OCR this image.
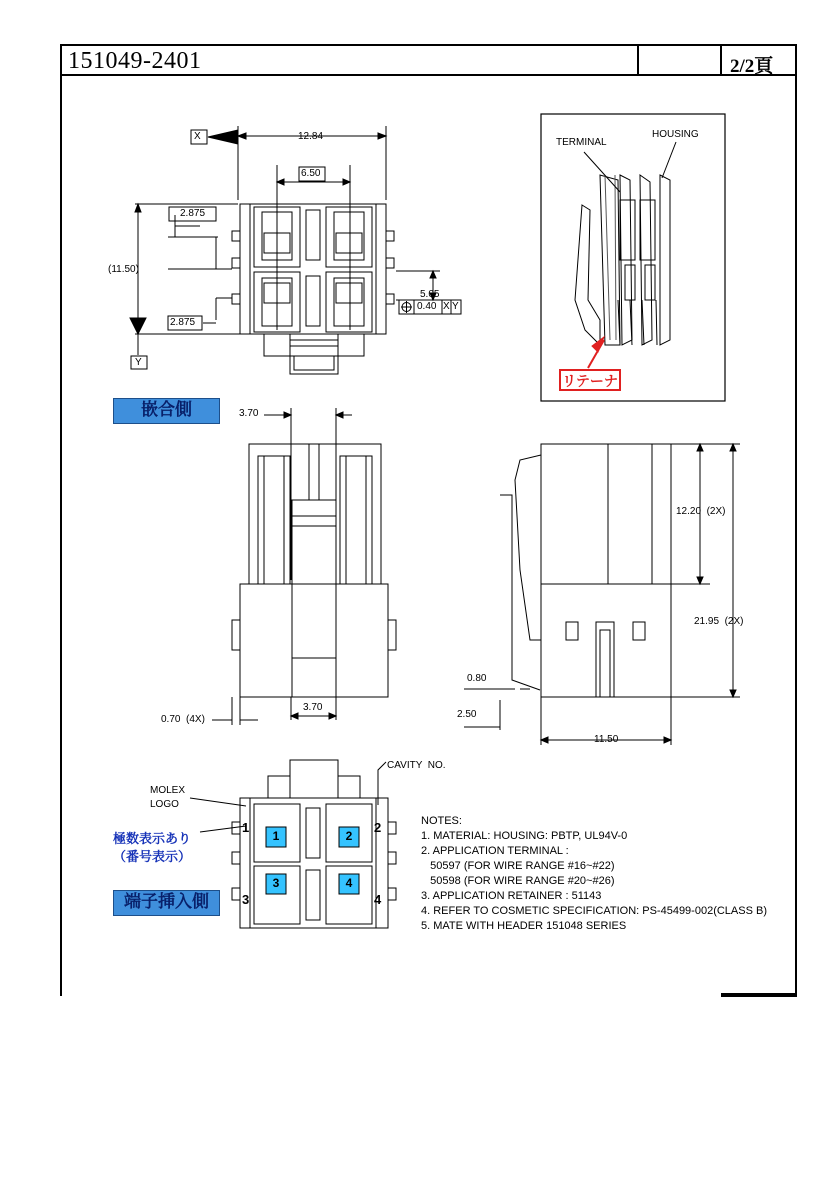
151049-2401	2/2頁
X	12.84
6.50
2.875
(11.50)
2.875
Y
5.05
0.40 X Y
TERMINAL
HOUSING
リテーナ
嵌合側	3.70
3.70
0.70  (4X)
12.20  (2X)
21.95  (2X)
0.80
2.50
11.50
CAVITY  NO.
MOLEX
LOGO
極数表示あり
（番号表示）
端子挿入側
1	2
3	4
1	2
3	4
NOTES:
1. MATERIAL: HOUSING: PBTP, UL94V-0
2. APPLICATION TERMINAL :
50597 (FOR WIRE RANGE #16~#22)
50598 (FOR WIRE RANGE #20~#26)
3. APPLICATION RETAINER : 51143
4. REFER TO COSMETIC SPECIFICATION: PS-45499-002(CLASS B)
5. MATE WITH HEADER 151048 SERIES
